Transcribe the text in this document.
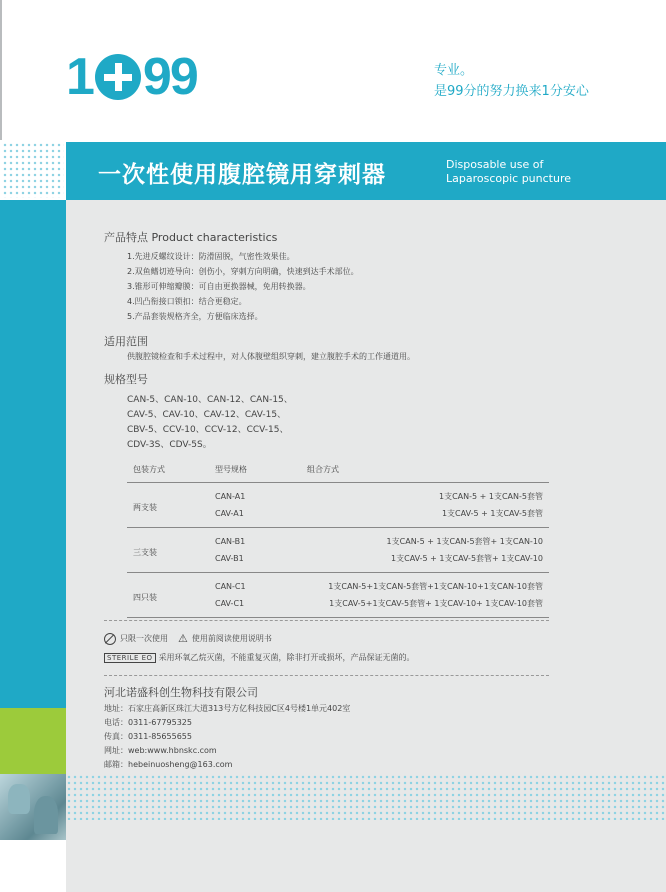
1 99	专业。
是99分的努力换来1分安心
一次性使用腹腔镜用穿刺器	Disposable use of
Laparoscopic puncture
产品特点 Product characteristics
1.先进反螺纹设计：防滑固脱，气密性效果佳。
2.双鱼鳍切迹导向：创伤小，穿刺方向明确，快速到达手术部位。
3.锥形可伸缩瓣膜：可自由更换器械，免用转换器。
4.凹凸衔接口锁扣：结合更稳定。
5.产品套装规格齐全，方便临床选择。
适用范围
供腹腔镜检查和手术过程中，对人体腹壁组织穿刺，建立腹腔手术的工作通道用。
规格型号
CAN-5、CAN-10、CAN-12、CAN-15、
CAV-5、CAV-10、CAV-12、CAV-15、
CBV-5、CCV-10、CCV-12、CCV-15、
CDV-3S、CDV-5S。
包装方式	型号规格	组合方式
两支装	CAN-A1	1支CAN-5 + 1支CAN-5套管
	CAV-A1	1支CAV-5 + 1支CAV-5套管
三支装	CAN-B1	1支CAN-5 + 1支CAN-5套管+ 1支CAN-10
	CAV-B1	1支CAV-5 + 1支CAV-5套管+ 1支CAV-10
四只装	CAN-C1	1支CAN-5+1支CAN-5套管+1支CAN-10+1支CAN-10套管
	CAV-C1	1支CAV-5+1支CAV-5套管+ 1支CAV-10+ 1支CAV-10套管
只限一次使用 ⚠ 使用前阅读使用说明书
STERILE EO 采用环氧乙烷灭菌，不能重复灭菌，除非打开或损坏，产品保证无菌的。
河北诺盛科创生物科技有限公司
地址：石家庄高新区珠江大道313号方亿科技园C区4号楼1单元402室
电话：0311-67795325
传真：0311-85655655
网址：web:www.hbnskc.com
邮箱：hebeinuosheng@163.com
